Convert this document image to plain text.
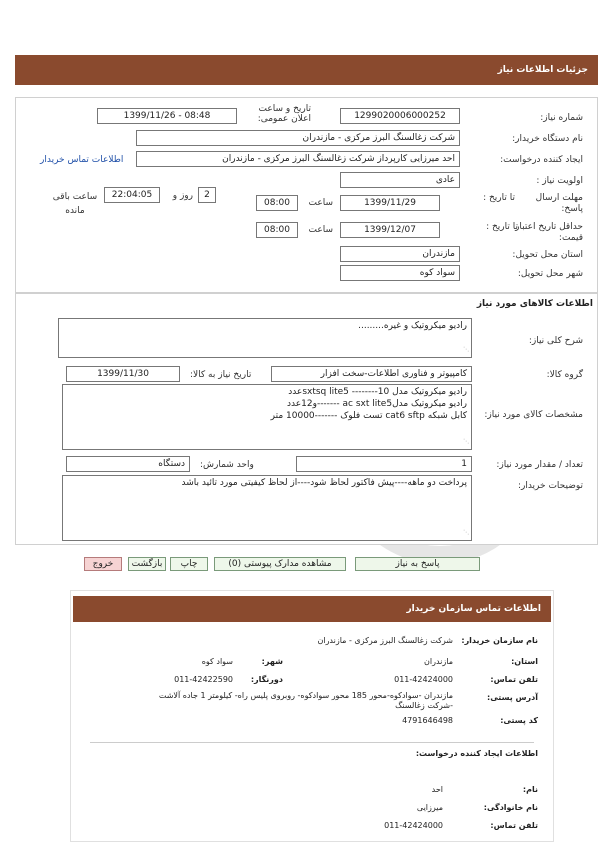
جزئیات اطلاعات نیاز
شماره نیاز:
1299020006000252
تاریخ و ساعت اعلان عمومی:
1399/11/26 - 08:48
نام دستگاه خریدار:
شرکت زغالسنگ البرز مرکزی - مازندران
ایجاد کننده درخواست:
احد میرزایی کارپرداز شرکت زغالسنگ البرز مرکزی - مازندران
اطلاعات تماس خریدار
اولویت نیاز :
عادی
مهلت ارسال پاسخ:
تا تاریخ :
1399/11/29
ساعت
08:00
2
روز و
22:04:05
ساعت باقی مانده
حداقل تاریخ اعتبار قیمت:
تا تاریخ :
1399/12/07
ساعت
08:00
استان محل تحویل:
مازندران
شهر محل تحویل:
سواد کوه
اطلاعات کالاهای مورد نیاز
شرح کلی نیاز:
رادیو میکروتیک و غیره.........
⋰
گروه کالا:
کامپیوتر و فناوری اطلاعات-سخت افزار
تاریخ نیاز به کالا:
1399/11/30
مشخصات کالای مورد نیاز:
رادیو میکروتیک مدل sxtsq lite5 --------10عدد
رادیو میکروتیک مدلac sxt lite5 -------و12عدد
کابل شبکه cat6 sftp تست فلوک -------10000 متر
⋰
تعداد / مقدار مورد نیاز:
1
واحد شمارش:
دستگاه
توضیحات خریدار:
پرداخت دو ماهه----پیش فاکتور لحاظ شود----از لحاظ کیفیتی مورد تائید باشد
⋰
پاسخ به نیاز
مشاهده مدارک پیوستی (0)
چاپ
بازگشت
خروج
اطلاعات تماس سازمان خریدار
نام سازمان خریدار:
شرکت زغالسنگ البرز مرکزی - مازندران
استان:
مازندران
شهر:
سواد کوه
تلفن تماس:
011-42424000
دورنگار:
011-42422590
آدرس پستی:
مازندران -سوادکوه-محور 185 محور سوادکوه- روبروی پلیس راه- کیلومتر 1 جاده آلاشت -شرکت زغالسنگ
کد پستی:
4791646498
اطلاعات ایجاد کننده درخواست:
نام:
احد
نام خانوادگی:
میرزایی
تلفن تماس:
011-42424000
